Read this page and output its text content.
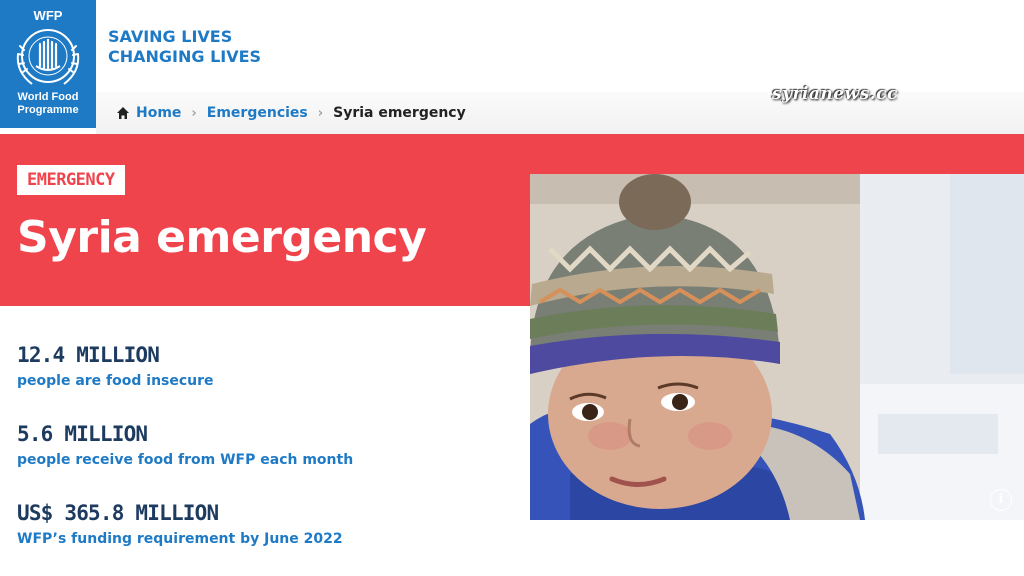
WFP
World Food
Programme
SAVING LIVES
CHANGING LIVES
Home › Emergencies › Syria emergency
syrianews.cc
EMERGENCY
Syria emergency
12.4 MILLION
people are food insecure
5.6 MILLION
people receive food from WFP each month
US$ 365.8 MILLION
WFP’s funding requirement by June 2022
i
